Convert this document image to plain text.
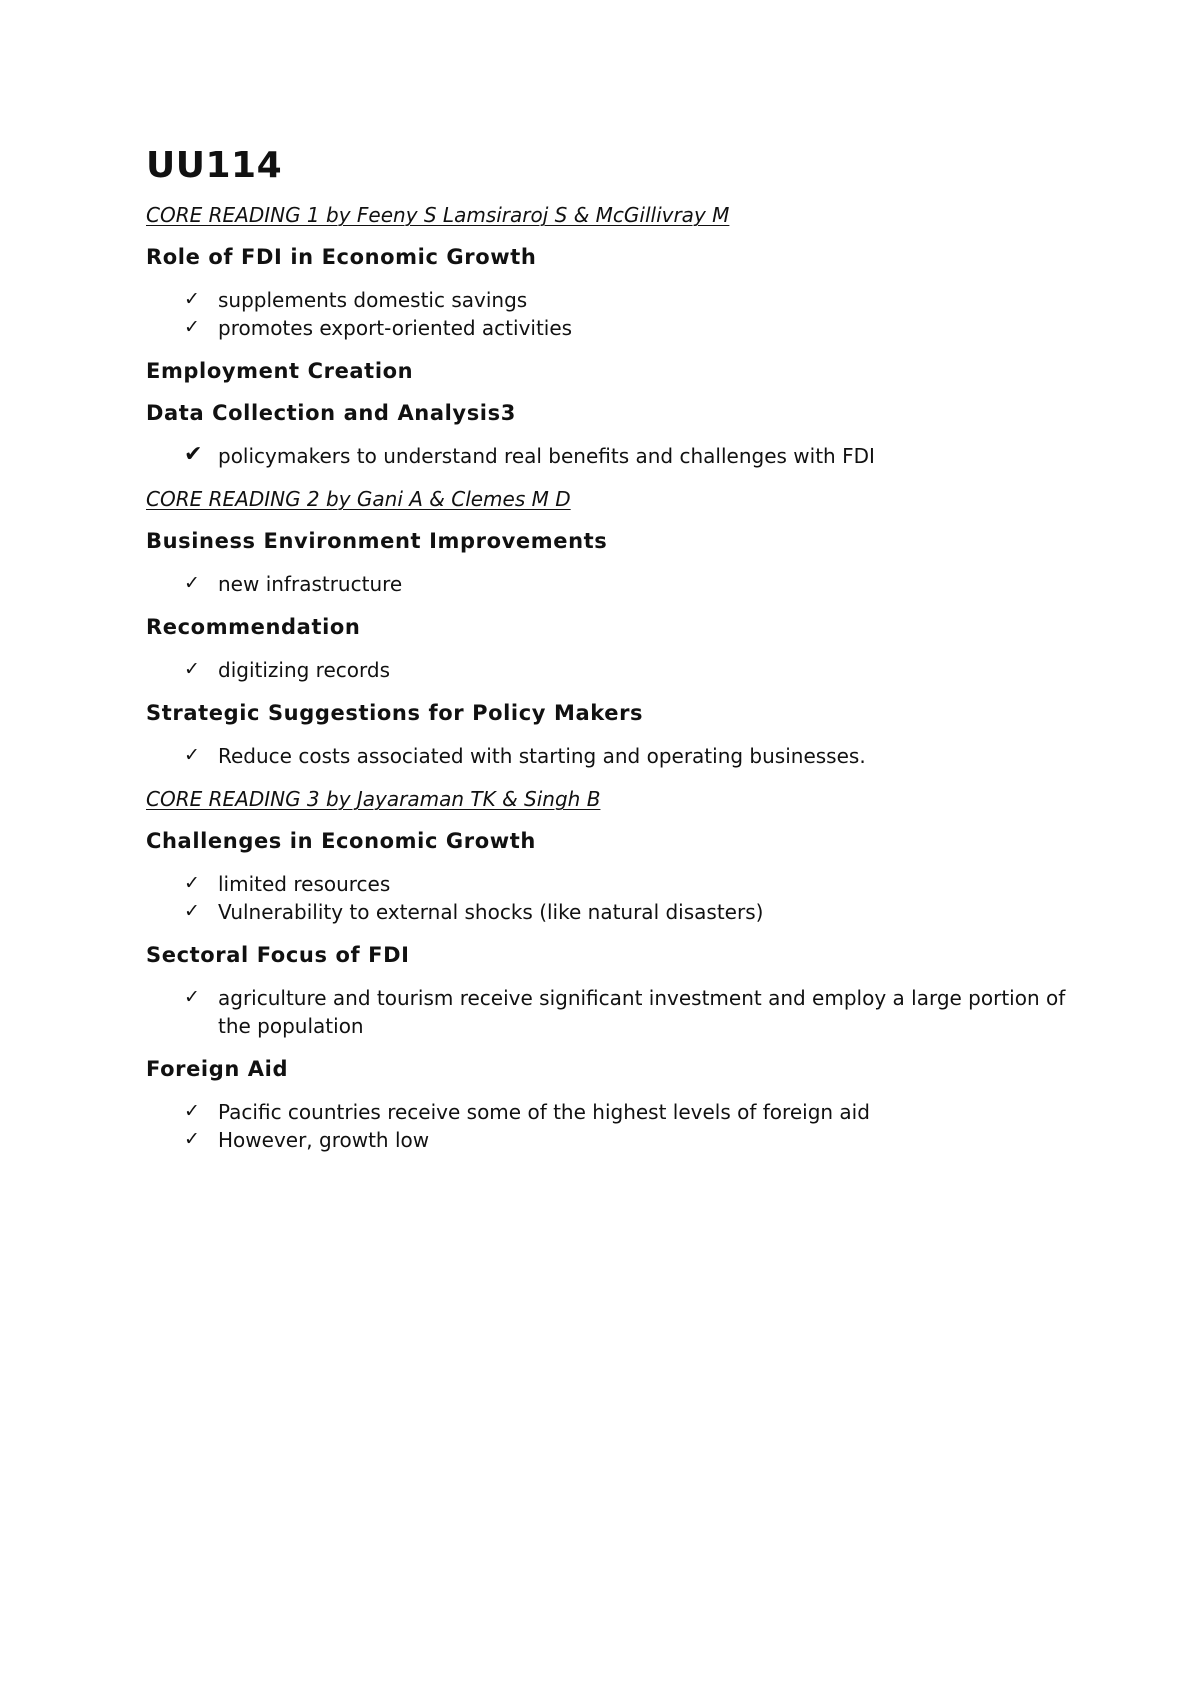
UU114
CORE READING 1 by Feeny S Lamsiraroj S & McGillivray M
Role of FDI in Economic Growth
✓ supplements domestic savings
✓ promotes export-oriented activities
Employment Creation
Data Collection and Analysis3
✔ policymakers to understand real benefits and challenges with FDI
CORE READING 2 by Gani A & Clemes M D
Business Environment Improvements
✓ new infrastructure
Recommendation
✓ digitizing records
Strategic Suggestions for Policy Makers
✓ Reduce costs associated with starting and operating businesses.
CORE READING 3 by Jayaraman TK & Singh B
Challenges in Economic Growth
✓ limited resources
✓ Vulnerability to external shocks (like natural disasters)
Sectoral Focus of FDI
✓ agriculture and tourism receive significant investment and employ a large portion of the population
Foreign Aid
✓ Pacific countries receive some of the highest levels of foreign aid
✓ However, growth low
